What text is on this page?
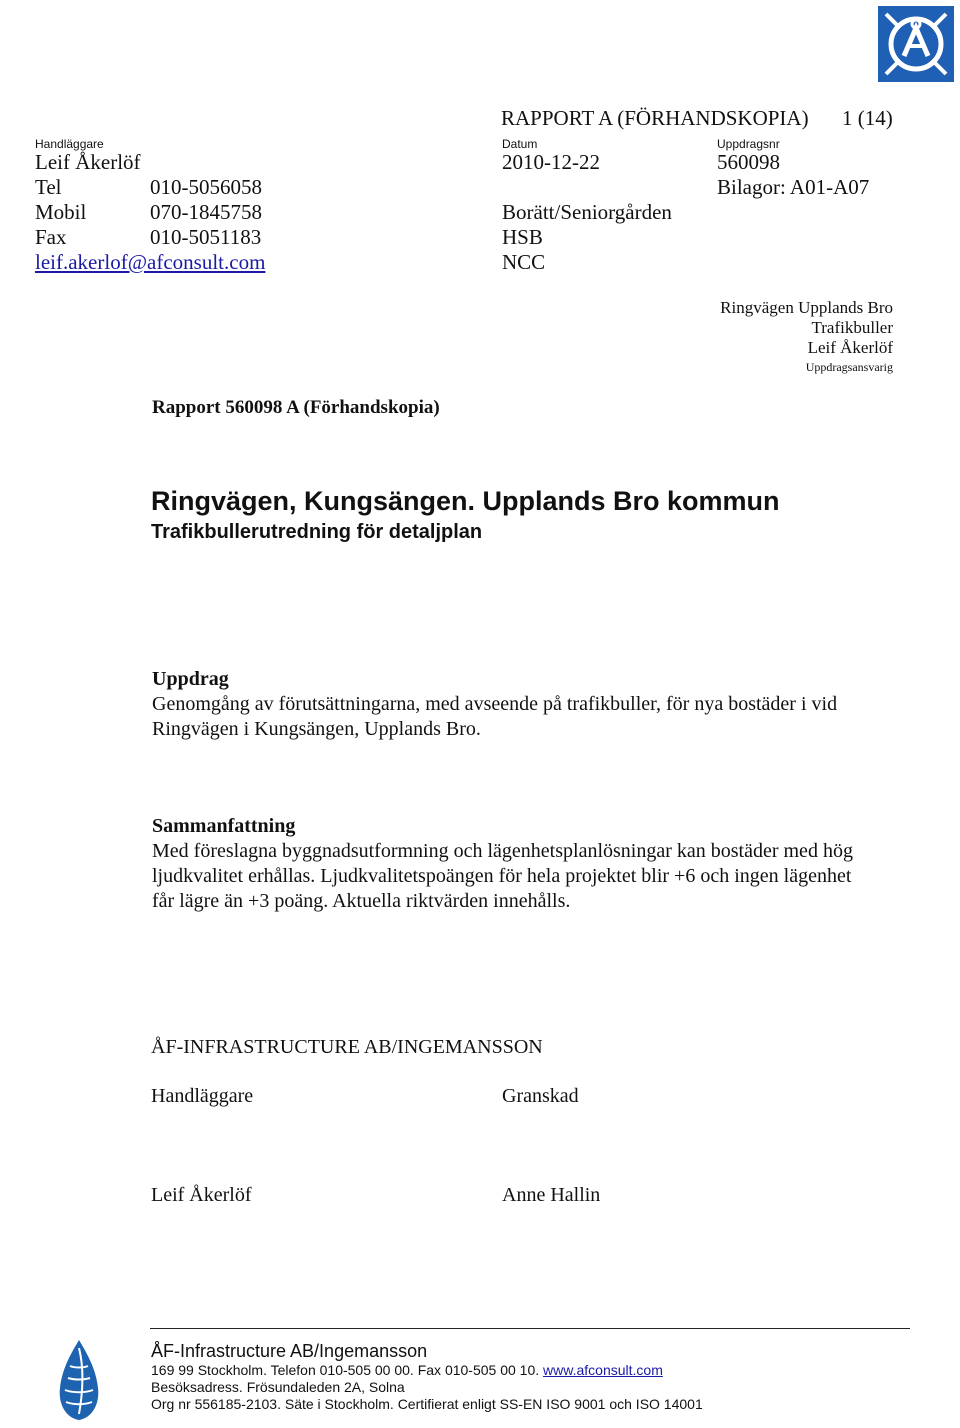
RAPPORT A (FÖRHANDSKOPIA) 1 (14)
Handläggare	Datum	Uppdragsnr
Leif Åkerlöf	2010-12-22	560098
Tel	010-5056058	Bilagor: A01-A07
Mobil	070-1845758	Borätt/Seniorgården
Fax	010-5051183	HSB
leif.akerlof@afconsult.com	NCC
Ringvägen Upplands Bro
Trafikbuller
Leif Åkerlöf
Uppdragsansvarig
Rapport 560098 A (Förhandskopia)
Ringvägen, Kungsängen. Upplands Bro kommun
Trafikbullerutredning för detaljplan
Uppdrag
Genomgång av förutsättningarna, med avseende på trafikbuller, för nya bostäder i vid Ringvägen i Kungsängen, Upplands Bro.
Sammanfattning
Med föreslagna byggnadsutformning och lägenhetsplanlösningar kan bostäder med hög ljudkvalitet erhållas. Ljudkvalitetspoängen för hela projektet blir +6 och ingen lägenhet får lägre än +3 poäng. Aktuella riktvärden innehålls.
ÅF-INFRASTRUCTURE AB/INGEMANSSON
Handläggare	Granskad
Leif Åkerlöf	Anne Hallin
ÅF-Infrastructure AB/Ingemansson
169 99 Stockholm. Telefon 010-505 00 00. Fax 010-505 00 10. www.afconsult.com
Besöksadress. Frösundaleden 2A, Solna
Org nr 556185-2103. Säte i Stockholm. Certifierat enligt SS-EN ISO 9001 och ISO 14001
